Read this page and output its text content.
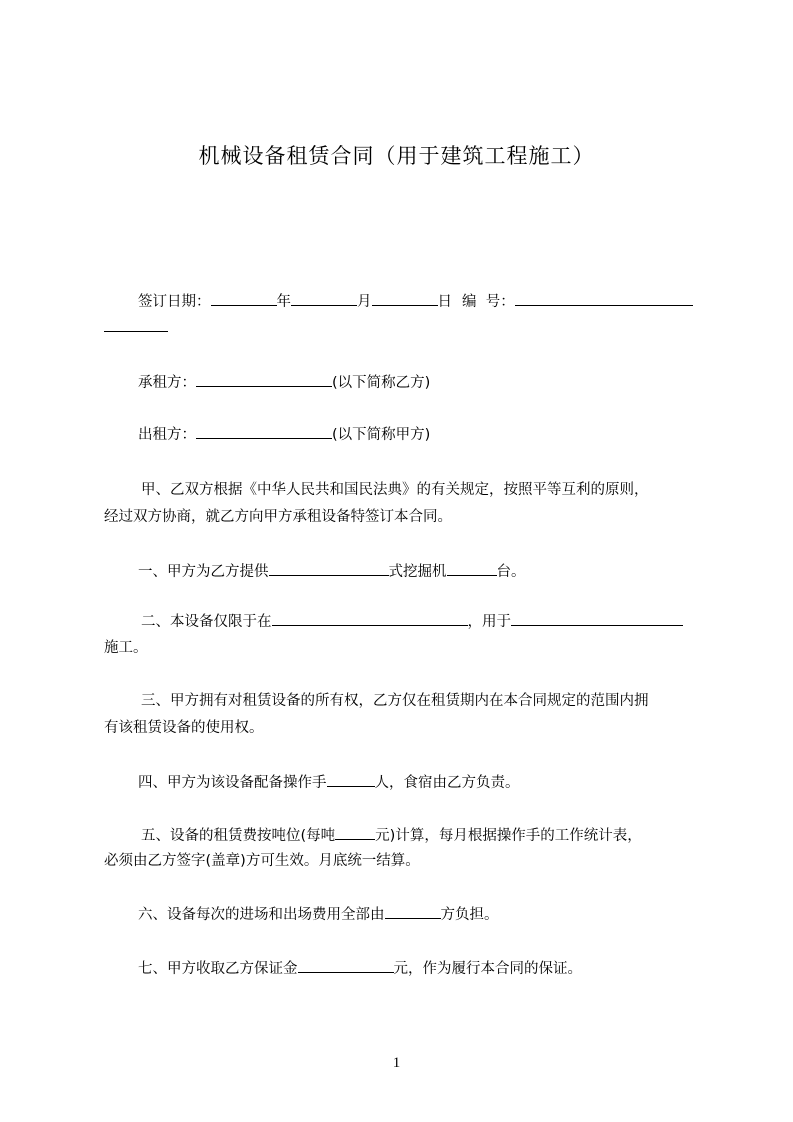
机械设备租赁合同（用于建筑工程施工）
签订日期：	年	月	日 编  号：
承租方：	(以下简称乙方)
出租方：	(以下简称甲方)
甲、乙双方根据《中华人民共和国民法典》的有关规定，按照平等互利的原则，
经过双方协商，就乙方向甲方承租设备特签订本合同。
一、甲方为乙方提供	式挖掘机	台。
二、本设备仅限于在	，用于
施工。
三、甲方拥有对租赁设备的所有权，乙方仅在租赁期内在本合同规定的范围内拥
有该租赁设备的使用权。
四、甲方为该设备配备操作手	人，食宿由乙方负责。
五、设备的租赁费按吨位(每吨	元)计算，每月根据操作手的工作统计表，
必须由乙方签字(盖章)方可生效。月底统一结算。
六、设备每次的进场和出场费用全部由	方负担。
七、甲方收取乙方保证金	元，作为履行本合同的保证。
1
